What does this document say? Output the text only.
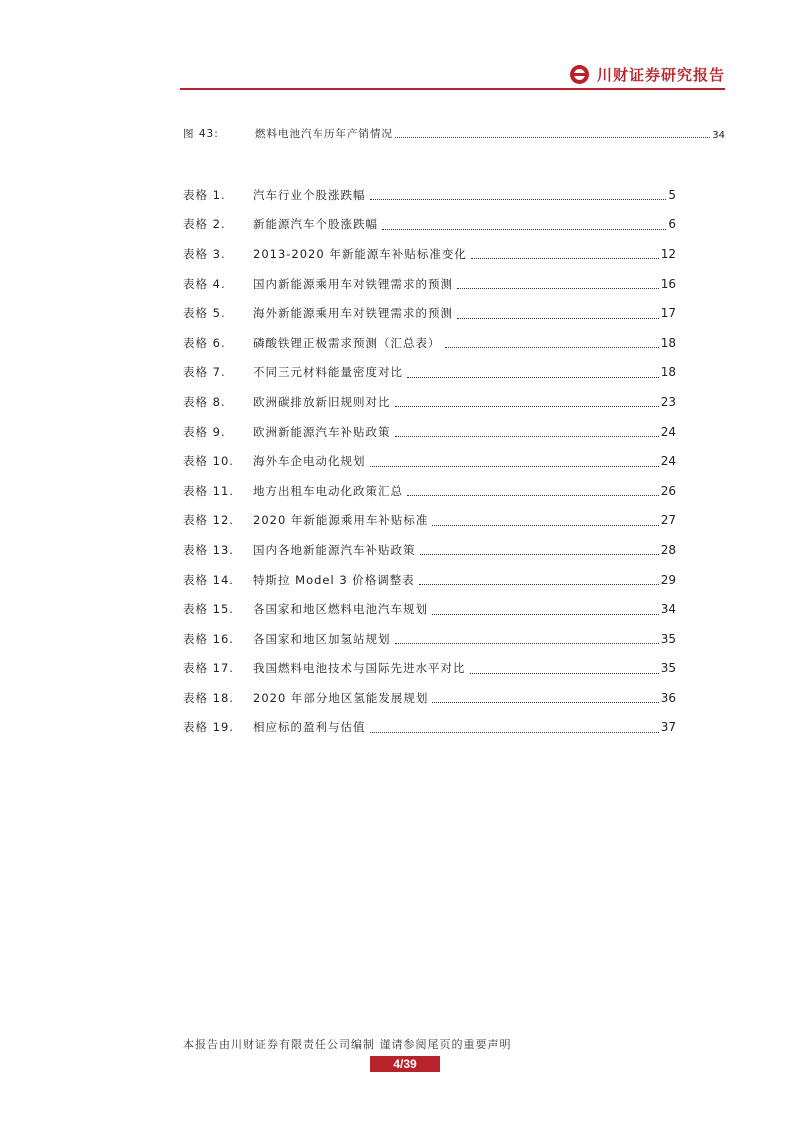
川财证券研究报告
图 43:	燃料电池汽车历年产销情况	34
表格 1.	汽车行业个股涨跌幅	5
表格 2.	新能源汽车个股涨跌幅	6
表格 3.	2013-2020 年新能源车补贴标准变化	12
表格 4.	国内新能源乘用车对铁锂需求的预测	16
表格 5.	海外新能源乘用车对铁锂需求的预测	17
表格 6.	磷酸铁锂正极需求预测（汇总表）	18
表格 7.	不同三元材料能量密度对比	18
表格 8.	欧洲碳排放新旧规则对比	23
表格 9.	欧洲新能源汽车补贴政策	24
表格 10.	海外车企电动化规划	24
表格 11.	地方出租车电动化政策汇总	26
表格 12.	2020 年新能源乘用车补贴标准	27
表格 13.	国内各地新能源汽车补贴政策	28
表格 14.	特斯拉 Model 3 价格调整表	29
表格 15.	各国家和地区燃料电池汽车规划	34
表格 16.	各国家和地区加氢站规划	35
表格 17.	我国燃料电池技术与国际先进水平对比	35
表格 18.	2020 年部分地区氢能发展规划	36
表格 19.	相应标的盈利与估值	37
本报告由川财证券有限责任公司编制 谨请参阅尾页的重要声明
4/39
